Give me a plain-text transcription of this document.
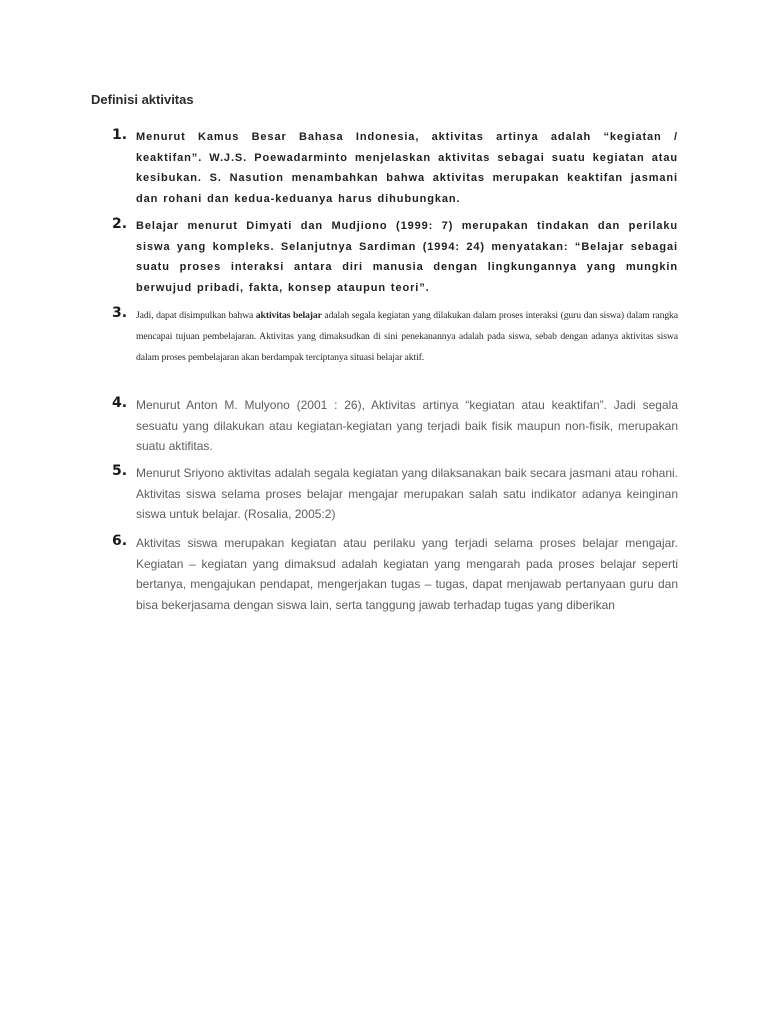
Definisi aktivitas
1. Menurut Kamus Besar Bahasa Indonesia, aktivitas artinya adalah “kegiatan / keaktifan”. W.J.S. Poewadarminto menjelaskan aktivitas sebagai suatu kegiatan atau kesibukan. S. Nasution menambahkan bahwa aktivitas merupakan keaktifan jasmani dan rohani dan kedua-keduanya harus dihubungkan.
2. Belajar menurut Dimyati dan Mudjiono (1999: 7) merupakan tindakan dan perilaku siswa yang kompleks. Selanjutnya Sardiman (1994: 24) menyatakan: “Belajar sebagai suatu proses interaksi antara diri manusia dengan lingkungannya yang mungkin berwujud pribadi, fakta, konsep ataupun teori”.
3. Jadi, dapat disimpulkan bahwa aktivitas belajar adalah segala kegiatan yang dilakukan dalam proses interaksi (guru dan siswa) dalam rangka mencapai tujuan pembelajaran. Aktivitas yang dimaksudkan di sini penekanannya adalah pada siswa, sebab dengan adanya aktivitas siswa dalam proses pembelajaran akan berdampak terciptanya situasi belajar aktif.
4. Menurut Anton M. Mulyono (2001 : 26), Aktivitas artinya “kegiatan atau keaktifan”. Jadi segala sesuatu yang dilakukan atau kegiatan-kegiatan yang terjadi baik fisik maupun non-fisik, merupakan suatu aktifitas.
5. Menurut Sriyono aktivitas adalah segala kegiatan yang dilaksanakan baik secara jasmani atau rohani. Aktivitas siswa selama proses belajar mengajar merupakan salah satu indikator adanya keinginan siswa untuk belajar. (Rosalia, 2005:2)
6. Aktivitas siswa merupakan kegiatan atau perilaku yang terjadi selama proses belajar mengajar. Kegiatan – kegiatan yang dimaksud adalah kegiatan yang mengarah pada proses belajar seperti bertanya, mengajukan pendapat, mengerjakan tugas – tugas, dapat menjawab pertanyaan guru dan bisa bekerjasama dengan siswa lain, serta tanggung jawab terhadap tugas yang diberikan
